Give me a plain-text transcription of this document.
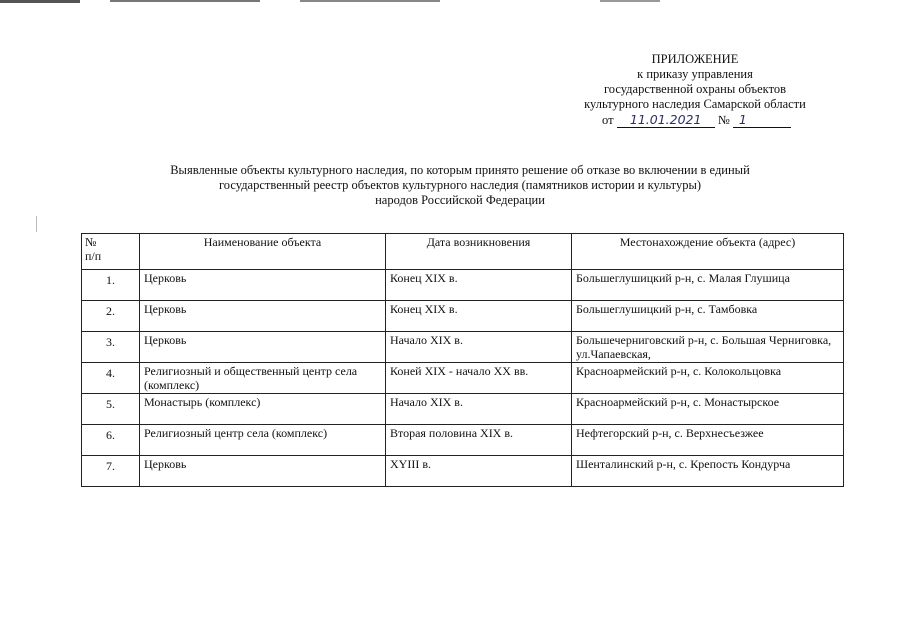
ПРИЛОЖЕНИЕ
к приказу управления
государственной охраны объектов
культурного наследия Самарской области
от 11.01.2021 № 1
Выявленные объекты культурного наследия, по которым принято решение об отказе во включении в единый
государственный реестр объектов культурного наследия (памятников истории и культуры)
народов Российской Федерации
№
п/п	Наименование объекта	Дата возникновения	Местонахождение объекта (адрес)
1.	Церковь	Конец XIX в.	Большеглушицкий р-н, с. Малая Глушица
2.	Церковь	Конец XIX в.	Большеглушицкий р-н, с. Тамбовка
3.	Церковь	Начало XIX в.	Большечерниговский р-н, с. Большая Черниговка, ул.Чапаевская,
4.	Религиозный и общественный центр села (комплекс)	Коней XIX - начало XX вв.	Красноармейский р-н, с. Колокольцовка
5.	Монастырь (комплекс)	Начало XIX в.	Красноармейский р-н, с. Монастырское
6.	Религиозный центр села (комплекс)	Вторая половина XIX в.	Нефтегорский р-н, с. Верхнесъезжее
7.	Церковь	XYIII в.	Шенталинский р-н, с. Крепость Кондурча
